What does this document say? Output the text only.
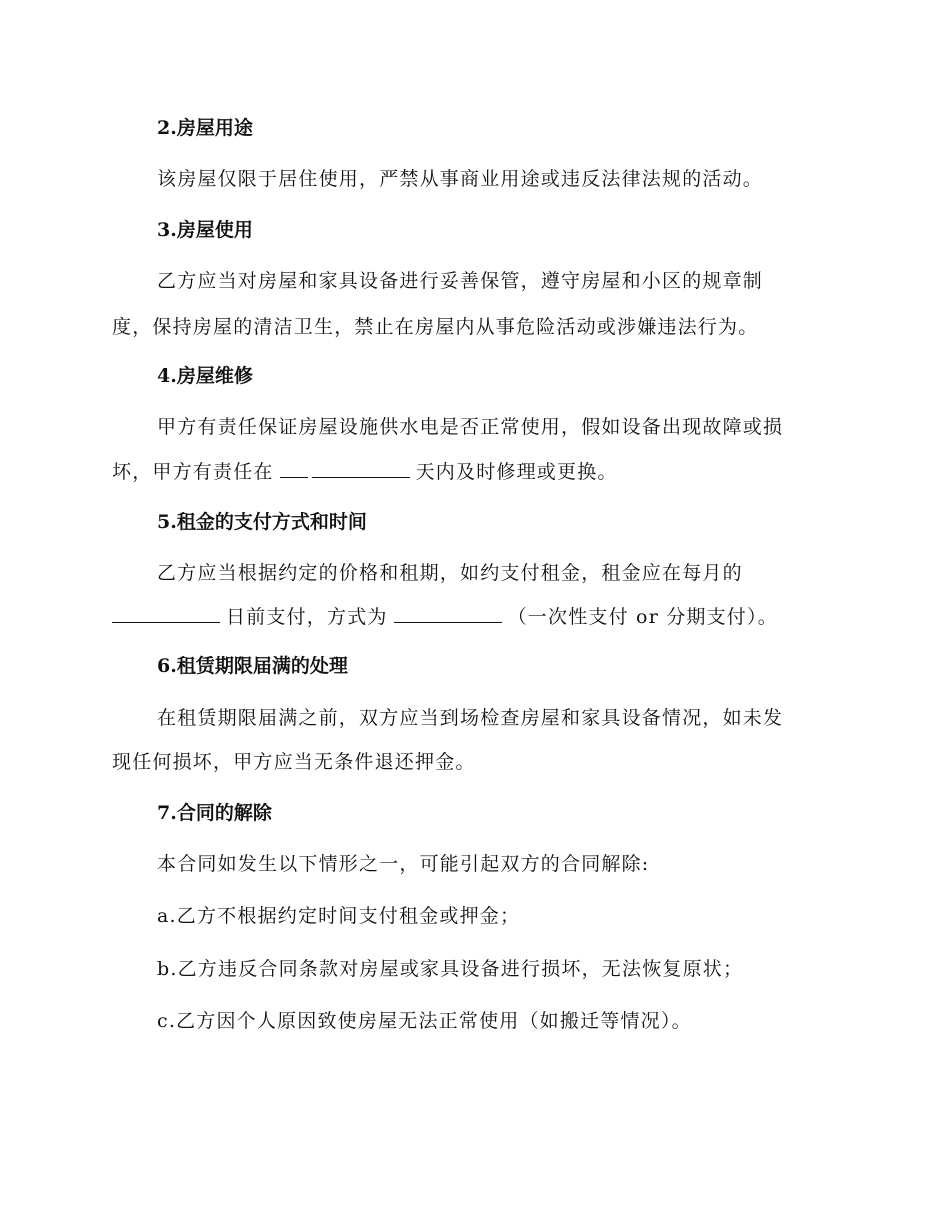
2.房屋用途
该房屋仅限于居住使用，严禁从事商业用途或违反法律法规的活动。
3.房屋使用
乙方应当对房屋和家具设备进行妥善保管，遵守房屋和小区的规章制
度，保持房屋的清洁卫生，禁止在房屋内从事危险活动或涉嫌违法行为。
4.房屋维修
甲方有责任保证房屋设施供水电是否正常使用，假如设备出现故障或损
坏，甲方有责任在	天内及时修理或更换。
5.租金的支付方式和时间
乙方应当根据约定的价格和租期，如约支付租金，租金应在每月的
日前支付，方式为	（一次性支付 or 分期支付）。
6.租赁期限届满的处理
在租赁期限届满之前，双方应当到场检查房屋和家具设备情况，如未发
现任何损坏，甲方应当无条件退还押金。
7.合同的解除
本合同如发生以下情形之一，可能引起双方的合同解除:
a.乙方不根据约定时间支付租金或押金；
b.乙方违反合同条款对房屋或家具设备进行损坏，无法恢复原状；
c.乙方因个人原因致使房屋无法正常使用（如搬迁等情况）。
